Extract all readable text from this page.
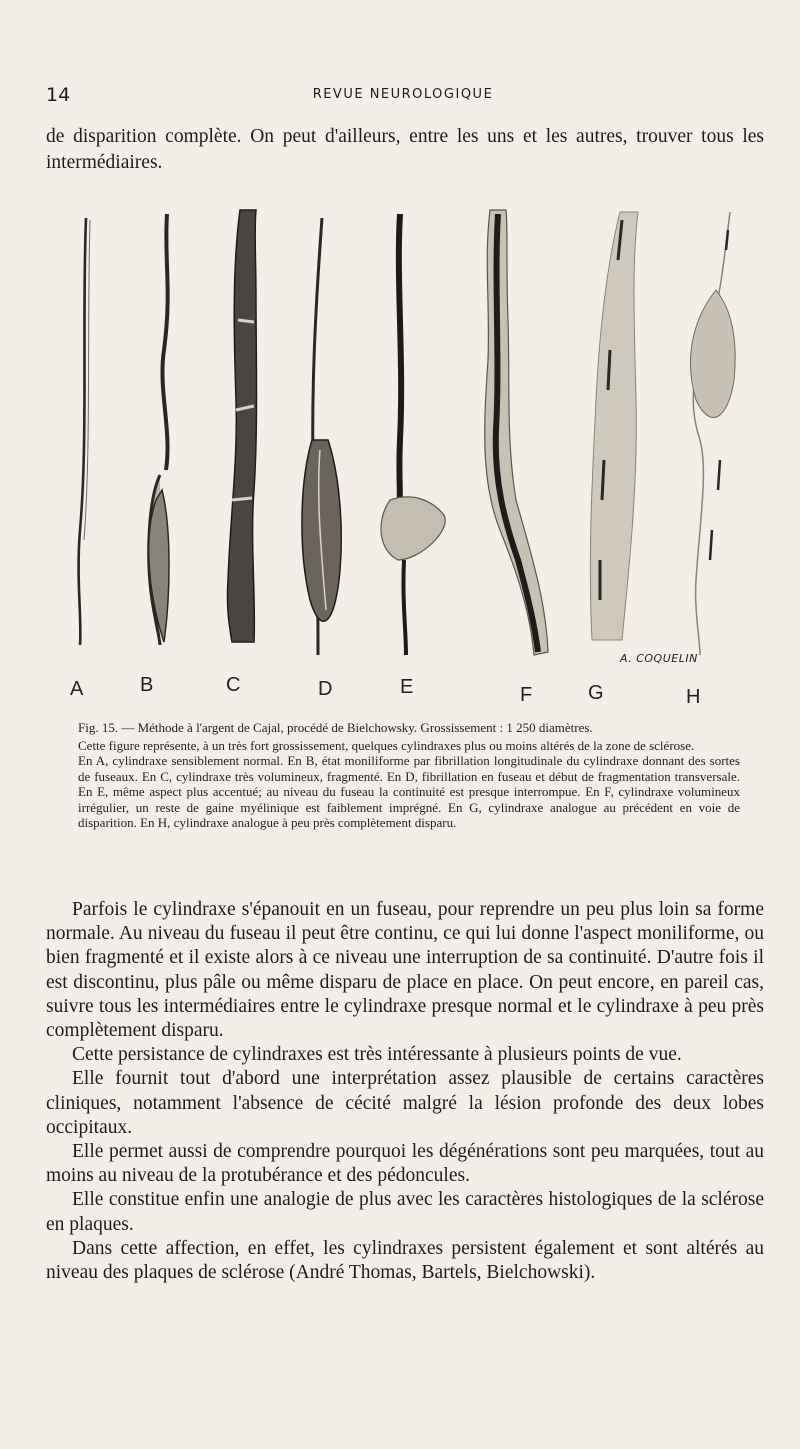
14	REVUE NEUROLOGIQUE

de disparition complète. On peut d'ailleurs, entre les uns et les autres, trouver tous les intermédiaires.

A	B	C	D	E	F	G	H
A. COQUELIN

Fig. 15. — Méthode à l'argent de Cajal, procédé de Bielchowsky. Grossissement : 1 250 diamètres.

Cette figure représente, à un très fort grossissement, quelques cylindraxes plus ou moins altérés de la zone de sclérose.

En A, cylindraxe sensiblement normal. En B, état moniliforme par fibrillation longitudinale du cylindraxe donnant des sortes de fuseaux. En C, cylindraxe très volumineux, fragmenté. En D, fibrillation en fuseau et début de fragmentation transversale. En E, même aspect plus accentué; au niveau du fuseau la continuité est presque interrompue. En F, cylindraxe volumineux irrégulier, un reste de gaine myélinique est faiblement imprégné. En G, cylindraxe analogue au précédent en voie de disparition. En H, cylindraxe analogue à peu près complètement disparu.

Parfois le cylindraxe s'épanouit en un fuseau, pour reprendre un peu plus loin sa forme normale. Au niveau du fuseau il peut être continu, ce qui lui donne l'aspect moniliforme, ou bien fragmenté et il existe alors à ce niveau une interruption de sa continuité. D'autre fois il est discontinu, plus pâle ou même disparu de place en place. On peut encore, en pareil cas, suivre tous les intermédiaires entre le cylindraxe presque normal et le cylindraxe à peu près complètement disparu.

Cette persistance de cylindraxes est très intéressante à plusieurs points de vue.

Elle fournit tout d'abord une interprétation assez plausible de certains caractères cliniques, notamment l'absence de cécité malgré la lésion profonde des deux lobes occipitaux.

Elle permet aussi de comprendre pourquoi les dégénérations sont peu marquées, tout au moins au niveau de la protubérance et des pédoncules.

Elle constitue enfin une analogie de plus avec les caractères histologiques de la sclérose en plaques.

Dans cette affection, en effet, les cylindraxes persistent également et sont altérés au niveau des plaques de sclérose (André Thomas, Bartels, Bielchowski).
